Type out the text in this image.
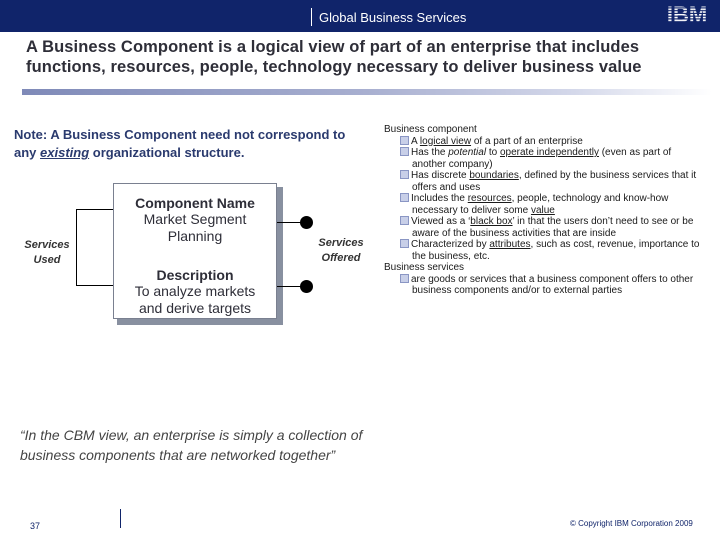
Global Business Services	IBM
A Business Component is a logical view of part of an enterprise that includes functions, resources, people, technology necessary to deliver business value
Note: A Business Component need not correspond to any existing organizational structure.
Services
Used
Component Name
Market Segment
Planning
Description
To analyze markets
and derive targets
Services
Offered
Business component
A logical view of a part of an enterprise
Has the potential to operate independently (even as part of another company)
Has discrete boundaries, defined by the business services that it offers and uses
Includes the resources, people, technology and know-how necessary to deliver some value
Viewed as a ‘black box’ in that the users don’t need to see or be aware of the business activities that are inside
Characterized by attributes, such as cost, revenue, importance to the business, etc.
Business services
are goods or services that a business component offers to other business components and/or to external parties
“In the CBM view, an enterprise is simply a collection of business components that are networked together”
37	© Copyright IBM Corporation 2009
